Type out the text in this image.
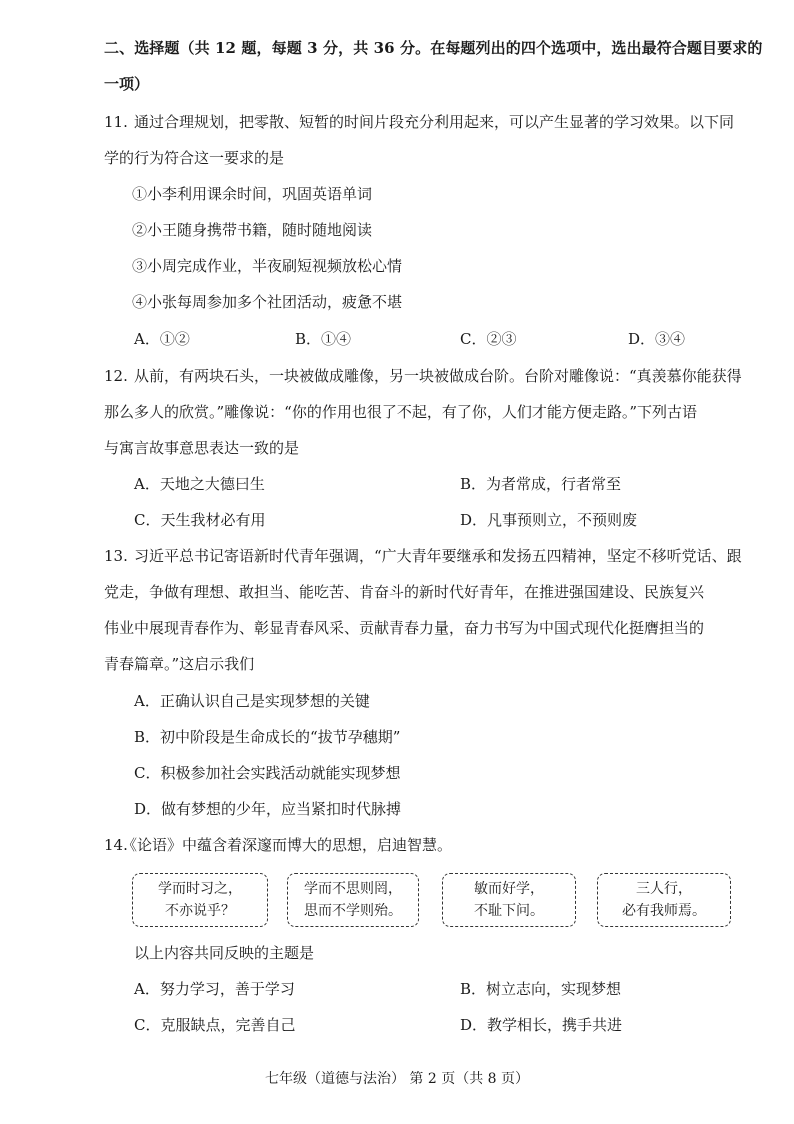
二、选择题（共 12 题，每题 3 分，共 36 分。在每题列出的四个选项中，选出最符合题目要求的
一项）
11. 通过合理规划，把零散、短暂的时间片段充分利用起来，可以产生显著的学习效果。以下同
学的行为符合这一要求的是
①小李利用课余时间，巩固英语单词
②小王随身携带书籍，随时随地阅读
③小周完成作业，半夜刷短视频放松心情
④小张每周参加多个社团活动，疲惫不堪
A．①②	B．①④	C．②③	D．③④
12. 从前，有两块石头，一块被做成雕像，另一块被做成台阶。台阶对雕像说：“真羡慕你能获得
那么多人的欣赏。”雕像说：“你的作用也很了不起，有了你，人们才能方便走路。”下列古语
与寓言故事意思表达一致的是
A．天地之大德曰生	B．为者常成，行者常至
C．天生我材必有用	D．凡事预则立，不预则废
13. 习近平总书记寄语新时代青年强调，“广大青年要继承和发扬五四精神，坚定不移听党话、跟
党走，争做有理想、敢担当、能吃苦、肯奋斗的新时代好青年，在推进强国建设、民族复兴
伟业中展现青春作为、彰显青春风采、贡献青春力量，奋力书写为中国式现代化挺膺担当的
青春篇章。”这启示我们
A．正确认识自己是实现梦想的关键
B．初中阶段是生命成长的“拔节孕穗期”
C．积极参加社会实践活动就能实现梦想
D．做有梦想的少年，应当紧扣时代脉搏
14.
《论语》中蕴含着深邃而博大的思想，启迪智慧。
学而时习之，
不亦说乎？
学而不思则罔，
思而不学则殆。
敏而好学，
不耻下问。
三人行，
必有我师焉。
以上内容共同反映的主题是
A．努力学习，善于学习	B．树立志向，实现梦想
C．克服缺点，完善自己	D．教学相长，携手共进
七年级（道德与法治） 第 2 页（共 8 页）
